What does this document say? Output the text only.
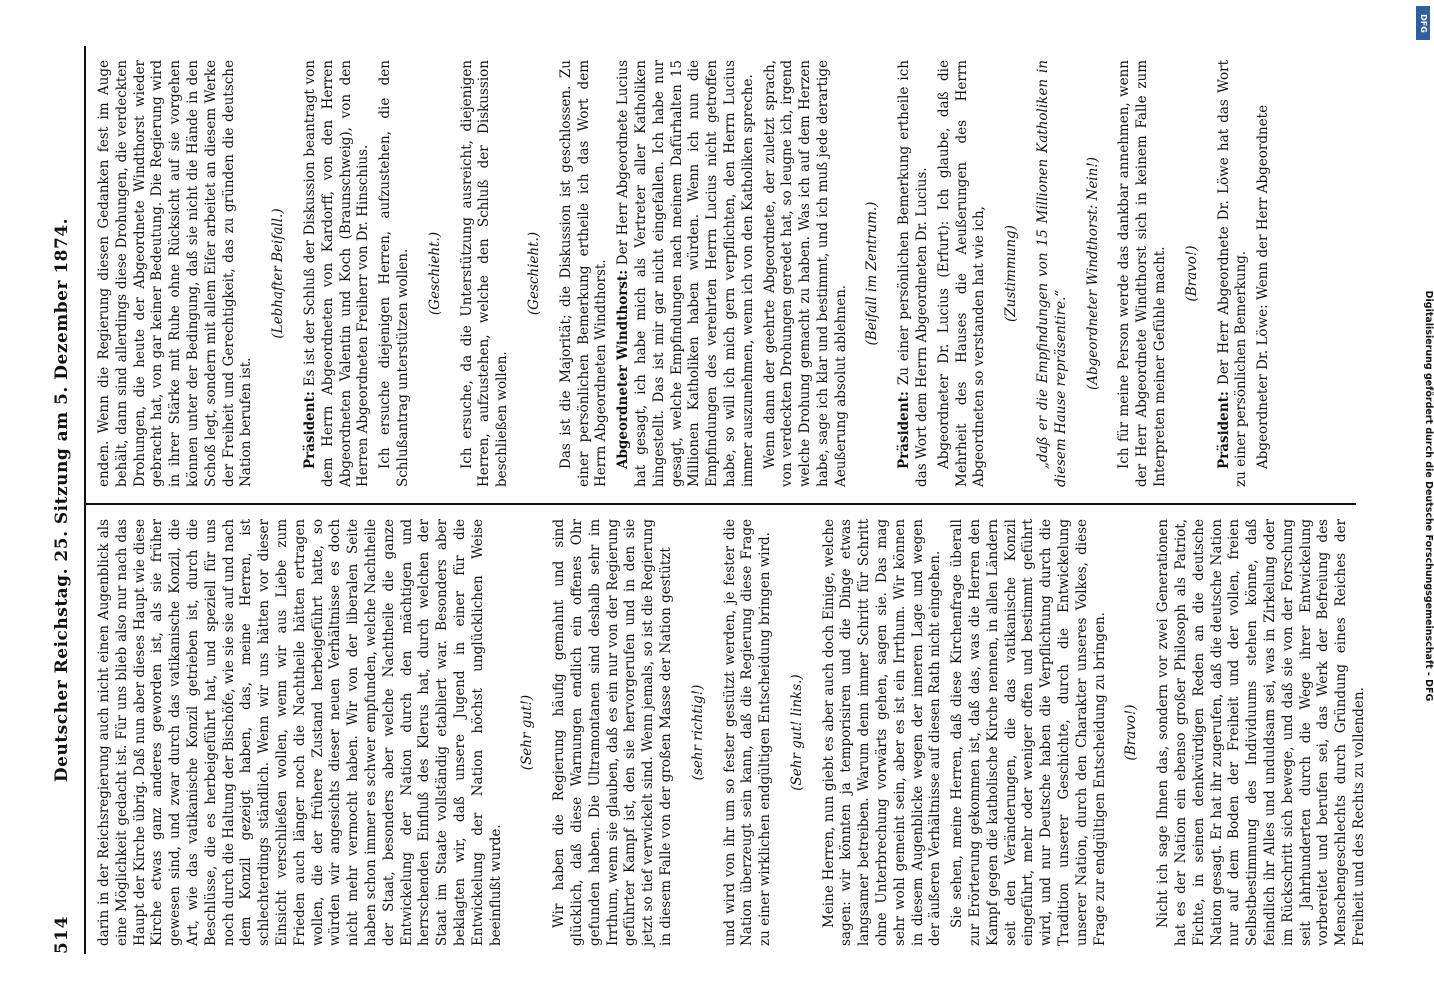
514
Deutscher Reichstag. 25. Sitzung am 5. Dezember 1874. darin in der Reichsregierung auch nicht einen Augenblick als eine Möglichkeit gedacht ist. Für uns blieb also nur nach das Haupt der Kirche übrig. Daß nun aber dieses Haupt wie diese Kirche etwas ganz anderes geworden ist, als sie früher gewesen sind, und zwar durch das vatikanische Konzil, die Art, wie das vatikanische Konzil getrieben ist, durch die Beschlüsse, die es herbeigeführt hat, und speziell für uns noch durch die Haltung der Bischöfe, wie sie sie auf und nach dem Konzil gezeigt haben, das, meine Herren, ist schlechterdings ständlich. Wenn wir uns hätten vor dieser Einsicht verschließen wollen, wenn wir aus Liebe zum Frieden auch länger noch die Nachtheile hätten ertragen wollen, die der frühere Zustand herbeigeführt hatte, so würden wir angesichts dieser neuen Verhältnisse es doch nicht mehr vermocht haben. Wir von der liberalen Seite haben schon immer es schwer empfunden, welche Nachtheile der Staat, besonders aber welche Nachtheile die ganze Entwickelung der Nation durch den mächtigen und herrschenden Einfluß des Klerus hat, durch welchen der Staat im Staate vollständig etabliert war. Besonders aber beklagten wir, daß unsere Jugend in einer für die Entwickelung der Nation höchst unglücklichen Weise beeinflußt wurde.

(Sehr gut!) Wir haben die Regierung häufig gemahnt und sind glücklich, daß diese Warnungen endlich ein offenes Ohr gefunden haben. Die Ultramontanen sind deshalb sehr im Irrthum, wenn sie glauben, daß es ein nur von der Regierung geführter Kampf ist, den sie hervorgerufen und in den sie jetzt so tief verwickelt sind. Wenn jemals, so ist die Regierung in diesem Falle von der großen Masse der Nation gestützt (sehr richtig!) und wird von ihr um so fester gestützt werden, je fester die Nation überzeugt sein kann, daß die Regierung diese Frage zu einer wirklichen endgültigen Entscheidung bringen wird. (Sehr gut! links.) Meine Herren, nun giebt es aber auch doch Einige, welche sagen: wir könnten ja temporisiren und die Dinge etwas langsamer betreiben. Warum denn immer Schritt für Schritt ohne Unterbrechung vorwärts gehen, sagen sie. Das mag sehr wohl gemeint sein, aber es ist ein Irrthum. Wir können in diesem Augenblicke wegen der inneren Lage und wegen der äußeren Verhältnisse auf diesen Rath nicht eingehen. Sie sehen, meine Herren, daß diese Kirchenfrage überall zur Erörterung gekommen ist, daß das, was die Herren den Kampf gegen die katholische Kirche nennen, in allen Ländern seit den Veränderungen, die das vatikanische Konzil eingeführt, mehr oder weniger offen und bestimmt geführt wird, und nur Deutsche haben die Verpflichtung durch die Tradition unserer Geschichte, durch die Entwickelung unserer Nation, durch den Charakter unseres Volkes, diese Frage zur endgültigen Entscheidung zu bringen. (Bravo!) Nicht ich sage Ihnen das, sondern vor zwei Generationen hat es der Nation ein ebenso großer Philosoph als Patriot, Fichte, in seinen denkwürdigen Reden an die deutsche Nation gesagt. Er hat ihr zugerufen, daß die deutsche Nation nur auf dem Boden der Freiheit und der vollen, freien Selbstbestimmung des Individuums stehen könne, daß feindlich ihr Alles und unduldsam sei, was in Zirkelung oder im Rückschritt sich bewege, und daß sie von der Forschung seit Jahrhunderten durch die Wege ihrer Entwickelung vorbereitet und berufen sei, das Werk der Befreiung des Menschengeschlechts durch Gründung eines Reiches der Freiheit und des Rechts zu vollenden.

enden. Wenn die Regierung diesen Gedanken fest im Auge behält, dann sind allerdings diese Drohungen, die verdeckten Drohungen, die heute der Abgeordnete Windthorst wieder gebracht hat, von gar keiner Bedeutung. Die Regierung wird in ihrer Stärke mit Ruhe ohne Rücksicht auf sie vorgehen können unter der Bedingung, daß sie nicht die Hände in den Schoß legt, sondern mit allem Eifer arbeitet an diesem Werke der Freiheit und Gerechtigkeit, das zu gründen die deutsche Nation berufen ist.

(Lebhafter Beifall.)

Präsident: Es ist der Schluß der Diskussion beantragt von dem Herrn Abgeordneten von Kardorff, von den Herren Abgeordneten Valentin und Koch (Braunschweig), von den Herren Abgeordneten Freiherr von Dr. Hinschius. Ich ersuche diejenigen Herren, aufzustehen, die den Schlußantrag unterstützen wollen. (Geschieht.) Ich ersuche, da die Unterstützung ausreicht, diejenigen Herren, aufzustehen, welche den Schluß der Diskussion beschließen wollen.

(Geschieht.) Das ist die Majorität; die Diskussion ist geschlossen. Zu einer persönlichen Bemerkung ertheile ich das Wort dem Herrn Abgeordneten Windthorst. Abgeordneter Windthorst: Der Herr Abgeordnete Lucius hat gesagt, ich habe mich als Vertreter aller Katholiken hingestellt. Das ist mir gar nicht eingefallen. Ich habe nur gesagt, welche Empfindungen nach meinem Dafürhalten 15 Millionen Katholiken haben würden. Wenn ich nun die Empfindungen des verehrten Herrn Lucius nicht getroffen habe, so will ich mich gern verpflichten, den Herrn Lucius immer auszunehmen, wenn ich von den Katholiken spreche. Wenn dann der geehrte Abgeordnete, der zuletzt sprach, von verdeckten Drohungen geredet hat, so leugne ich, irgend welche Drohung gemacht zu haben. Was ich auf dem Herzen habe, sage ich klar und bestimmt, und ich muß jede derartige Aeußerung absolut ablehnen.

(Beifall im Zentrum.)

Präsident: Zu einer persönlichen Bemerkung ertheile ich das Wort dem Herrn Abgeordneten Dr. Lucius. Abgeordneter Dr. Lucius (Erfurt): Ich glaube, daß die Mehrheit des Hauses die Aeußerungen des Herrn Abgeordneten so verstanden hat wie ich, (Zustimmung) „daß er die Empfindungen von 15 Millionen Katholiken in diesem Hause repräsentire.“ (Abgeordneter Windthorst: Nein!) Ich für meine Person werde das dankbar annehmen, wenn der Herr Abgeordnete Windthorst sich in keinem Falle zum Interpreten meiner Gefühle macht. (Bravo!)

Präsident: Der Herr Abgeordnete Dr. Löwe hat das Wort zu einer persönlichen Bemerkung. Abgeordneter Dr. Löwe: Wenn der Herr Abgeordnete

Digitalisierung gefördert durch die Deutsche Forschungsgemeinschaft - DFG
DFG
